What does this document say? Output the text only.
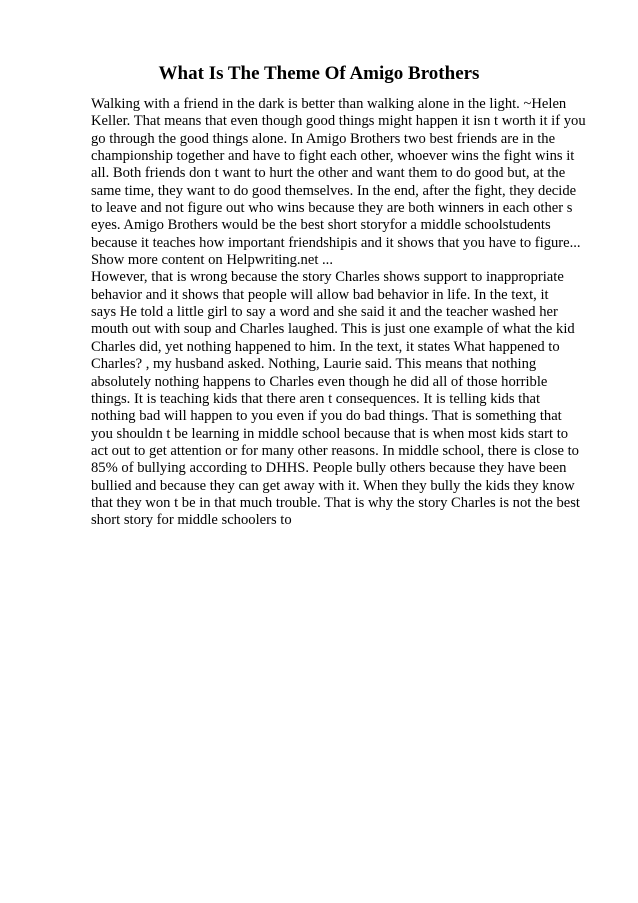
What Is The Theme Of Amigo Brothers
Walking with a friend in the dark is better than walking alone in the light. ~Helen
Keller. That means that even though good things might happen it isn t worth it if you
go through the good things alone. In Amigo Brothers two best friends are in the
championship together and have to fight each other, whoever wins the fight wins it
all. Both friends don t want to hurt the other and want them to do good but, at the
same time, they want to do good themselves. In the end, after the fight, they decide
to leave and not figure out who wins because they are both winners in each other s
eyes. Amigo Brothers would be the best short storyfor a middle schoolstudents
because it teaches how important friendshipis and it shows that you have to figure...
Show more content on Helpwriting.net ...
However, that is wrong because the story Charles shows support to inappropriate
behavior and it shows that people will allow bad behavior in life. In the text, it
says He told a little girl to say a word and she said it and the teacher washed her
mouth out with soup and Charles laughed. This is just one example of what the kid
Charles did, yet nothing happened to him. In the text, it states What happened to
Charles? , my husband asked. Nothing, Laurie said. This means that nothing
absolutely nothing happens to Charles even though he did all of those horrible
things. It is teaching kids that there aren t consequences. It is telling kids that
nothing bad will happen to you even if you do bad things. That is something that
you shouldn t be learning in middle school because that is when most kids start to
act out to get attention or for many other reasons. In middle school, there is close to
85% of bullying according to DHHS. People bully others because they have been
bullied and because they can get away with it. When they bully the kids they know
that they won t be in that much trouble. That is why the story Charles is not the best
short story for middle schoolers to
